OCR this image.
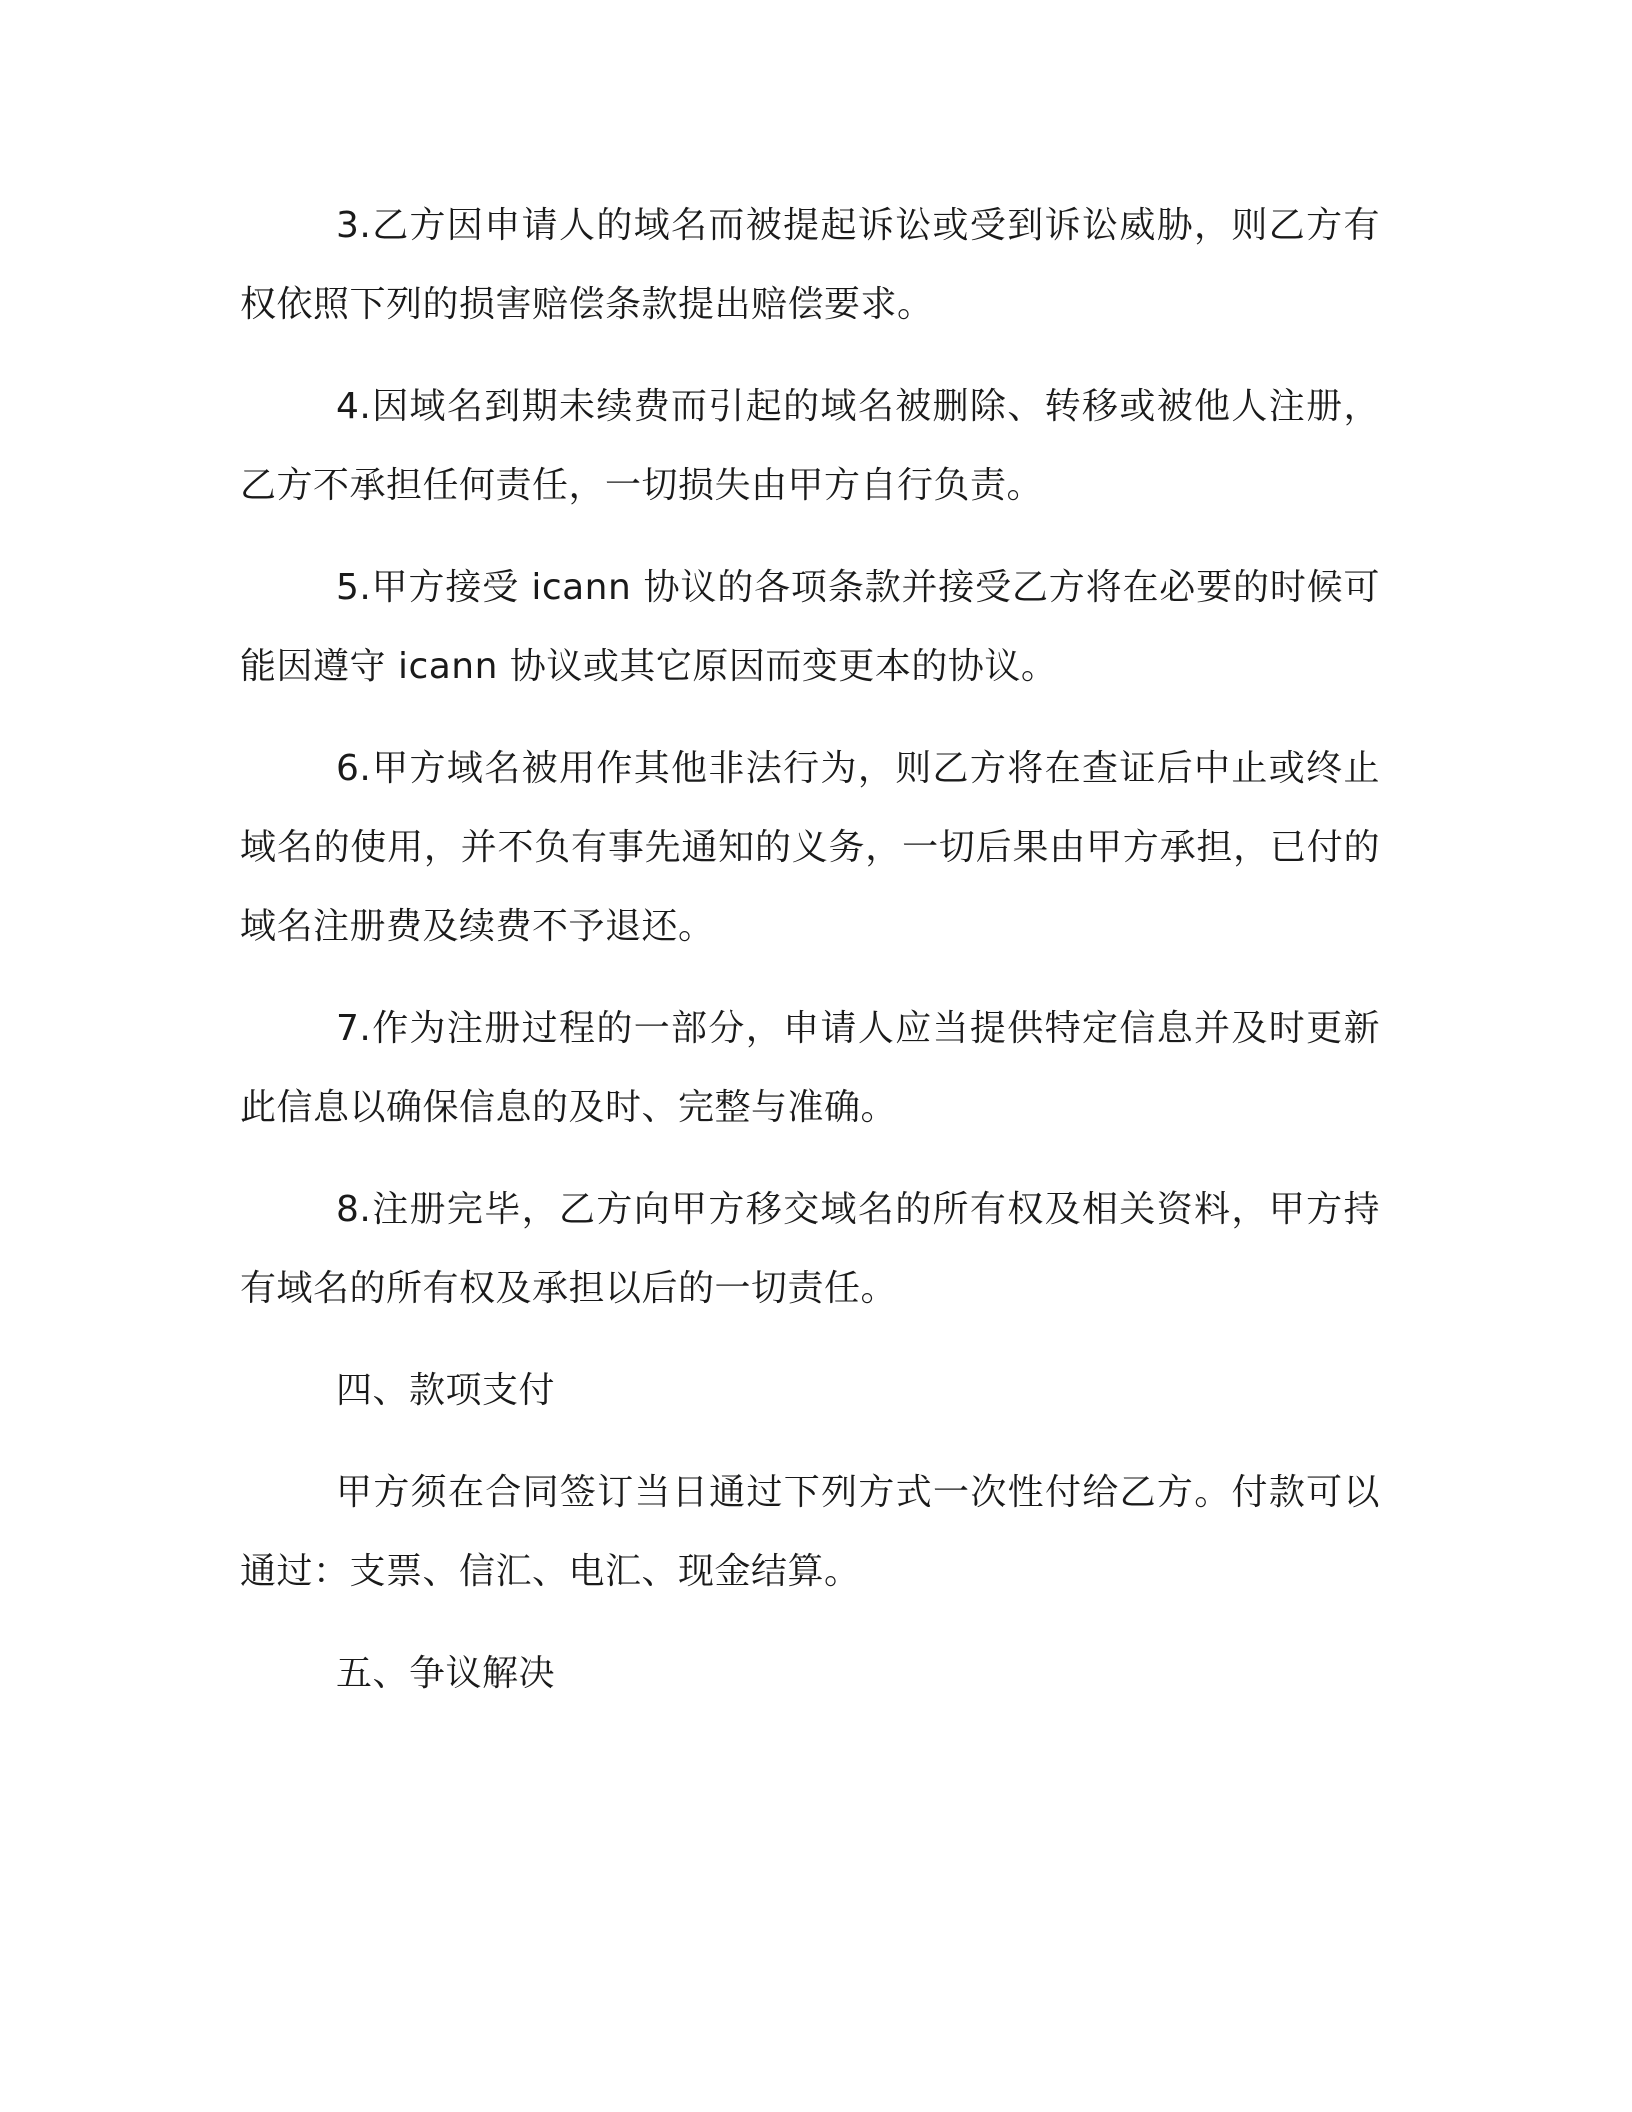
3.乙方因申请人的域名而被提起诉讼或受到诉讼威胁，则乙方有权依照下列的损害赔偿条款提出赔偿要求。

4.因域名到期未续费而引起的域名被删除、转移或被他人注册，乙方不承担任何责任，一切损失由甲方自行负责。

5.甲方接受 icann 协议的各项条款并接受乙方将在必要的时候可能因遵守 icann 协议或其它原因而变更本的协议。

6.甲方域名被用作其他非法行为，则乙方将在查证后中止或终止域名的使用，并不负有事先通知的义务，一切后果由甲方承担，已付的域名注册费及续费不予退还。

7.作为注册过程的一部分，申请人应当提供特定信息并及时更新此信息以确保信息的及时、完整与准确。

8.注册完毕，乙方向甲方移交域名的所有权及相关资料，甲方持有域名的所有权及承担以后的一切责任。

四、款项支付

甲方须在合同签订当日通过下列方式一次性付给乙方。付款可以通过：支票、信汇、电汇、现金结算。

五、争议解决
